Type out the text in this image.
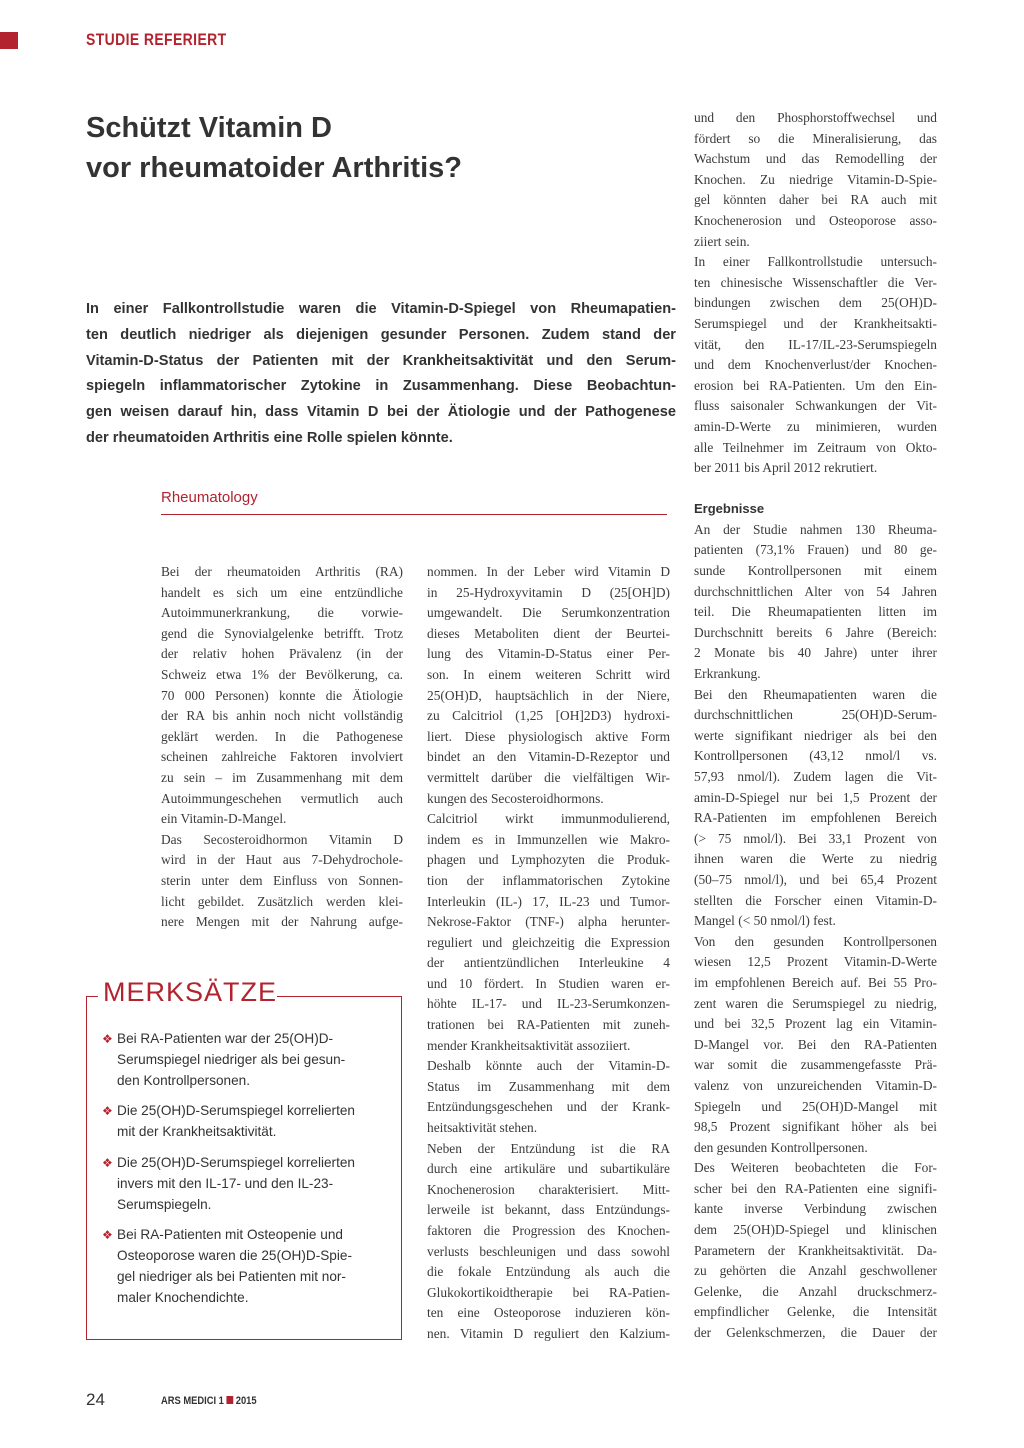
STUDIE REFERIERT
Schützt Vitamin D
vor rheumatoider Arthritis?
In einer Fallkontrollstudie waren die Vitamin-D-Spiegel von Rheumapatien-
ten deutlich niedriger als diejenigen gesunder Personen. Zudem stand der
Vitamin-D-Status der Patienten mit der Krankheitsaktivität und den Serum-
spiegeln inflammatorischer Zytokine in Zusammenhang. Diese Beobachtun-
gen weisen darauf hin, dass Vitamin D bei der Ätiologie und der Pathogenese
der rheumatoiden Arthritis eine Rolle spielen könnte.
Rheumatology
Bei der rheumatoiden Arthritis (RA)
handelt es sich um eine entzündliche
Autoimmunerkrankung, die vorwie-
gend die Synovialgelenke betrifft. Trotz
der relativ hohen Prävalenz (in der
Schweiz etwa 1% der Bevölkerung, ca.
70 000 Personen) konnte die Ätiologie
der RA bis anhin noch nicht vollständig
geklärt werden. In die Pathogenese
scheinen zahlreiche Faktoren involviert
zu sein – im Zusammenhang mit dem
Autoimmungeschehen vermutlich auch
ein Vitamin-D-Mangel.
Das Secosteroidhormon Vitamin D
wird in der Haut aus 7-Dehydrochole-
sterin unter dem Einfluss von Sonnen-
licht gebildet. Zusätzlich werden klei-
nere Mengen mit der Nahrung aufge-
nommen. In der Leber wird Vitamin D
in 25-Hydroxyvitamin D (25[OH]D)
umgewandelt. Die Serumkonzentration
dieses Metaboliten dient der Beurtei-
lung des Vitamin-D-Status einer Per-
son. In einem weiteren Schritt wird
25(OH)D, hauptsächlich in der Niere,
zu Calcitriol (1,25 [OH]2D3) hydroxi-
liert. Diese physiologisch aktive Form
bindet an den Vitamin-D-Rezeptor und
vermittelt darüber die vielfältigen Wir-
kungen des Secosteroidhormons.
Calcitriol wirkt immunmodulierend,
indem es in Immunzellen wie Makro-
phagen und Lymphozyten die Produk-
tion der inflammatorischen Zytokine
Interleukin (IL-) 17, IL-23 und Tumor-
Nekrose-Faktor (TNF-) alpha herunter-
reguliert und gleichzeitig die Expression
der antientzündlichen Interleukine 4
und 10 fördert. In Studien waren er-
höhte IL-17- und IL-23-Serumkonzen-
trationen bei RA-Patienten mit zuneh-
mender Krankheitsaktivität assoziiert.
Deshalb könnte auch der Vitamin-D-
Status im Zusammenhang mit dem
Entzündungsgeschehen und der Krank-
heitsaktivität stehen.
Neben der Entzündung ist die RA
durch eine artikuläre und subartikuläre
Knochenerosion charakterisiert. Mitt-
lerweile ist bekannt, dass Entzündungs-
faktoren die Progression des Knochen-
verlusts beschleunigen und dass sowohl
die fokale Entzündung als auch die
Glukokortikoidtherapie bei RA-Patien-
ten eine Osteoporose induzieren kön-
nen. Vitamin D reguliert den Kalzium-
und den Phosphorstoffwechsel und
fördert so die Mineralisierung, das
Wachstum und das Remodelling der
Knochen. Zu niedrige Vitamin-D-Spie-
gel könnten daher bei RA auch mit
Knochenerosion und Osteoporose asso-
ziiert sein.
In einer Fallkontrollstudie untersuch-
ten chinesische Wissenschaftler die Ver-
bindungen zwischen dem 25(OH)D-
Serumspiegel und der Krankheitsakti-
vität, den IL-17/IL-23-Serumspiegeln
und dem Knochenverlust/der Knochen-
erosion bei RA-Patienten. Um den Ein-
fluss saisonaler Schwankungen der Vit-
amin-D-Werte zu minimieren, wurden
alle Teilnehmer im Zeitraum von Okto-
ber 2011 bis April 2012 rekrutiert.
Ergebnisse
An der Studie nahmen 130 Rheuma-
patienten (73,1% Frauen) und 80 ge-
sunde Kontrollpersonen mit einem
durchschnittlichen Alter von 54 Jahren
teil. Die Rheumapatienten litten im
Durchschnitt bereits 6 Jahre (Bereich:
2 Monate bis 40 Jahre) unter ihrer
Erkrankung.
Bei den Rheumapatienten waren die
durchschnittlichen 25(OH)D-Serum-
werte signifikant niedriger als bei den
Kontrollpersonen (43,12 nmol/l vs.
57,93 nmol/l). Zudem lagen die Vit-
amin-D-Spiegel nur bei 1,5 Prozent der
RA-Patienten im empfohlenen Bereich
(> 75 nmol/l). Bei 33,1 Prozent von
ihnen waren die Werte zu niedrig
(50–75 nmol/l), und bei 65,4 Prozent
stellten die Forscher einen Vitamin-D-
Mangel (< 50 nmol/l) fest.
Von den gesunden Kontrollpersonen
wiesen 12,5 Prozent Vitamin-D-Werte
im empfohlenen Bereich auf. Bei 55 Pro-
zent waren die Serumspiegel zu niedrig,
und bei 32,5 Prozent lag ein Vitamin-
D-Mangel vor. Bei den RA-Patienten
war somit die zusammengefasste Prä-
valenz von unzureichenden Vitamin-D-
Spiegeln und 25(OH)D-Mangel mit
98,5 Prozent signifikant höher als bei
den gesunden Kontrollpersonen.
Des Weiteren beobachteten die For-
scher bei den RA-Patienten eine signifi-
kante inverse Verbindung zwischen
dem 25(OH)D-Spiegel und klinischen
Parametern der Krankheitsaktivität. Da-
zu gehörten die Anzahl geschwollener
Gelenke, die Anzahl druckschmerz-
empfindlicher Gelenke, die Intensität
der Gelenkschmerzen, die Dauer der
MERKSÄTZE
❖ Bei RA-Patienten war der 25(OH)D-
Serumspiegel niedriger als bei gesun-
den Kontrollpersonen.
❖ Die 25(OH)D-Serumspiegel korrelierten
mit der Krankheitsaktivität.
❖ Die 25(OH)D-Serumspiegel korrelierten
invers mit den IL-17- und den IL-23-
Serumspiegeln.
❖ Bei RA-Patienten mit Osteopenie und
Osteoporose waren die 25(OH)D-Spie-
gel niedriger als bei Patienten mit nor-
maler Knochendichte.
24	ARS MEDICI 1 2015
